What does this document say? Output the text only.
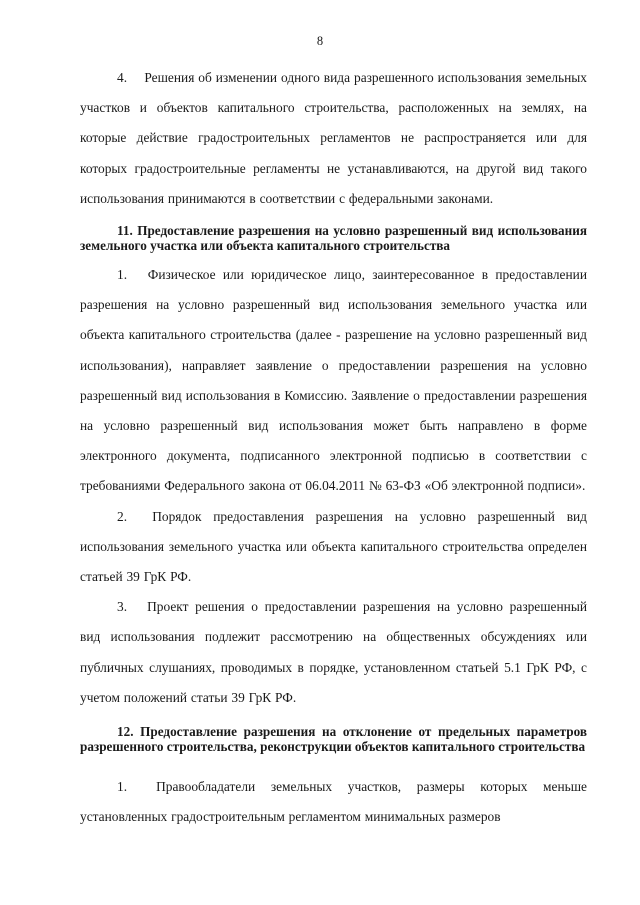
8

4.  Решения об изменении одного вида разрешенного использования земельных участков и объектов капитального строительства, расположенных на землях, на которые действие градостроительных регламентов не распространяется или для которых градостроительные регламенты не устанавливаются, на другой вид такого использования принимаются в соответствии с федеральными законами.

11. Предоставление разрешения на условно разрешенный вид использования земельного участка или объекта капитального строительства

1.  Физическое или юридическое лицо, заинтересованное в предоставлении разрешения на условно разрешенный вид использования земельного участка или объекта капитального строительства (далее - разрешение на условно разрешенный вид использования), направляет заявление о предоставлении разрешения на условно разрешенный вид использования в Комиссию. Заявление о предоставлении разрешения на условно разрешенный вид использования может быть направлено в форме электронного документа, подписанного электронной подписью в соответствии с требованиями Федерального закона от 06.04.2011 № 63-ФЗ «Об электронной подписи».

2.  Порядок предоставления разрешения на условно разрешенный вид использования земельного участка или объекта капитального строительства определен статьей 39 ГрК РФ.

3.  Проект решения о предоставлении разрешения на условно разрешенный вид использования подлежит рассмотрению на общественных обсуждениях или публичных слушаниях, проводимых в порядке, установленном статьей 5.1 ГрК РФ, с учетом положений статьи 39 ГрК РФ.

12. Предоставление разрешения на отклонение от предельных параметров разрешенного строительства, реконструкции объектов капитального строительства

1.  Правообладатели земельных участков, размеры которых меньше установленных градостроительным регламентом минимальных размеров
